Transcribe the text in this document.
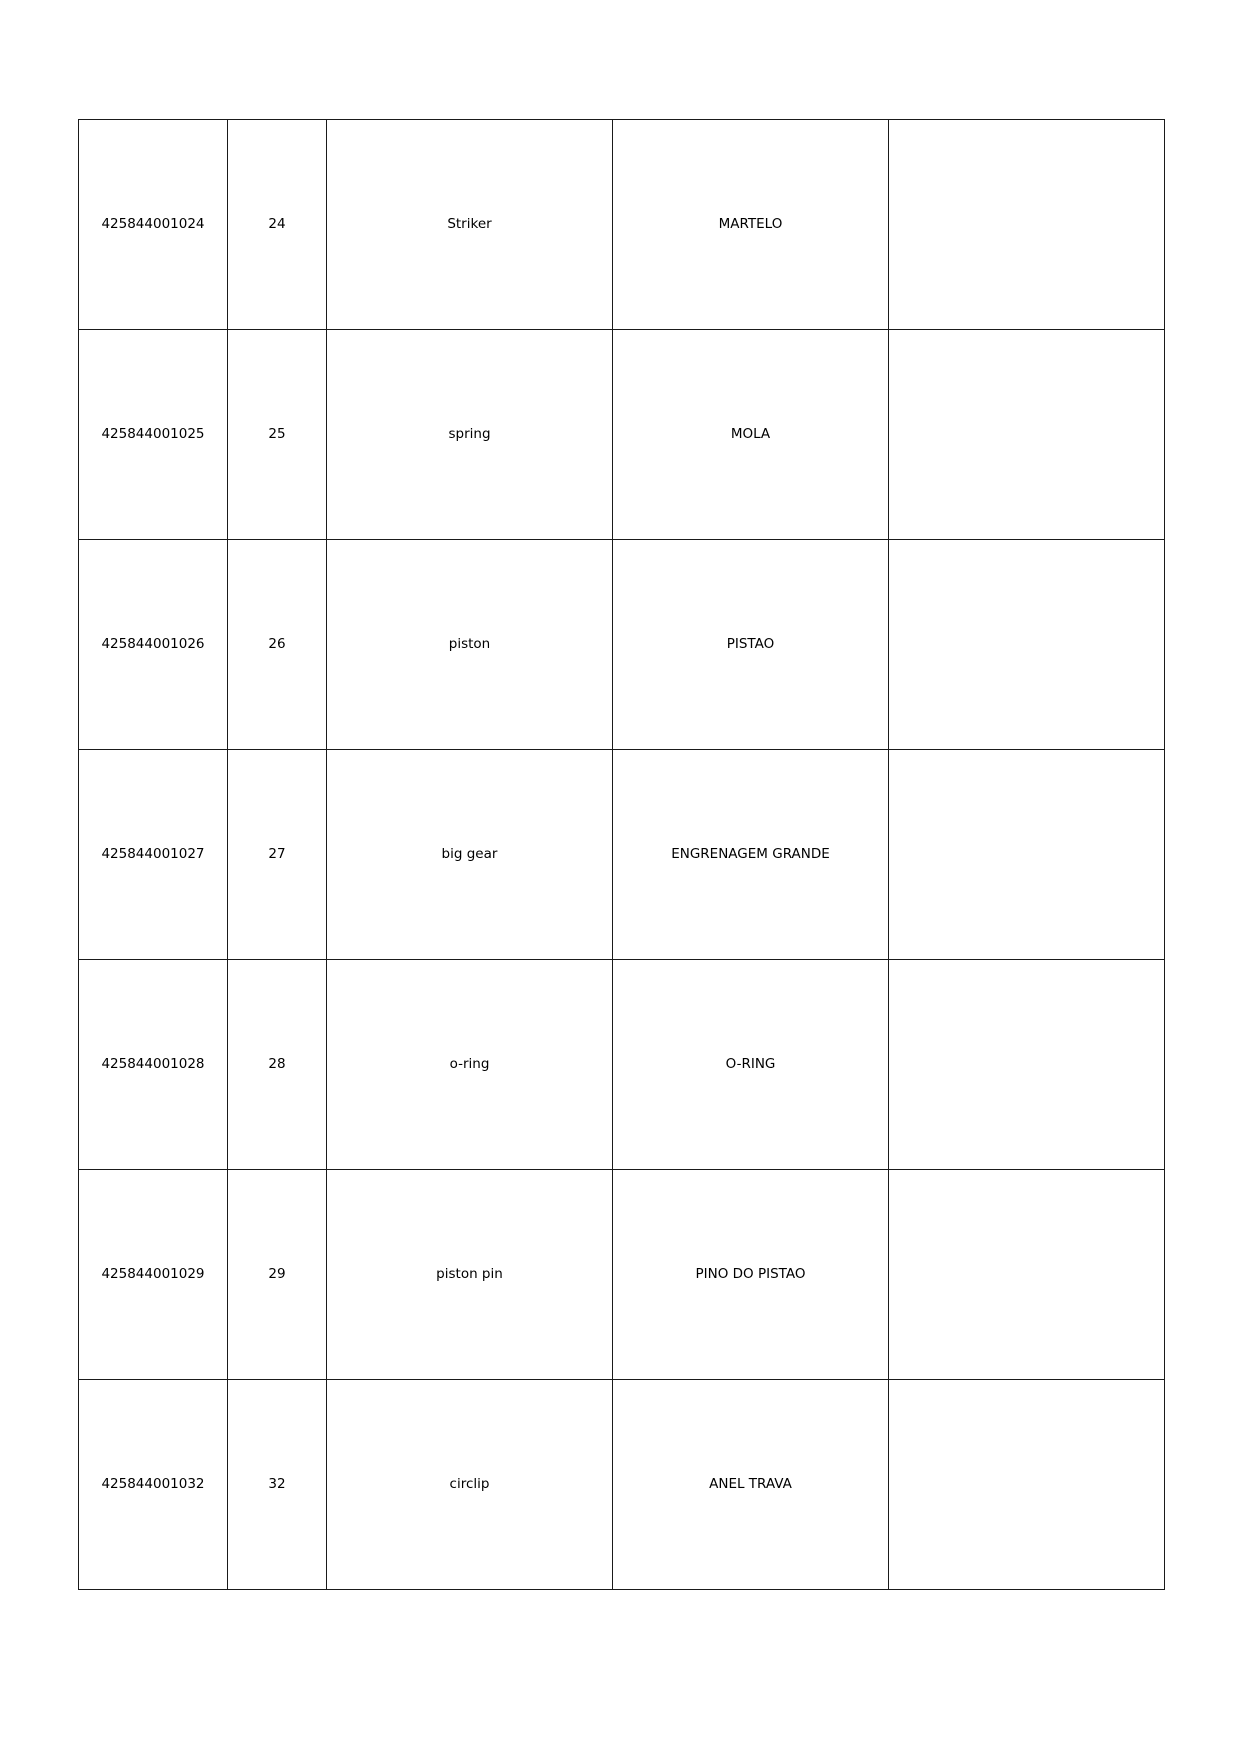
425844001024	24	Striker	MARTELO	
425844001025	25	spring	MOLA	
425844001026	26	piston	PISTAO	
425844001027	27	big gear	ENGRENAGEM GRANDE	
425844001028	28	o-ring	O-RING	
425844001029	29	piston pin	PINO DO PISTAO	
425844001032	32	circlip	ANEL TRAVA	
